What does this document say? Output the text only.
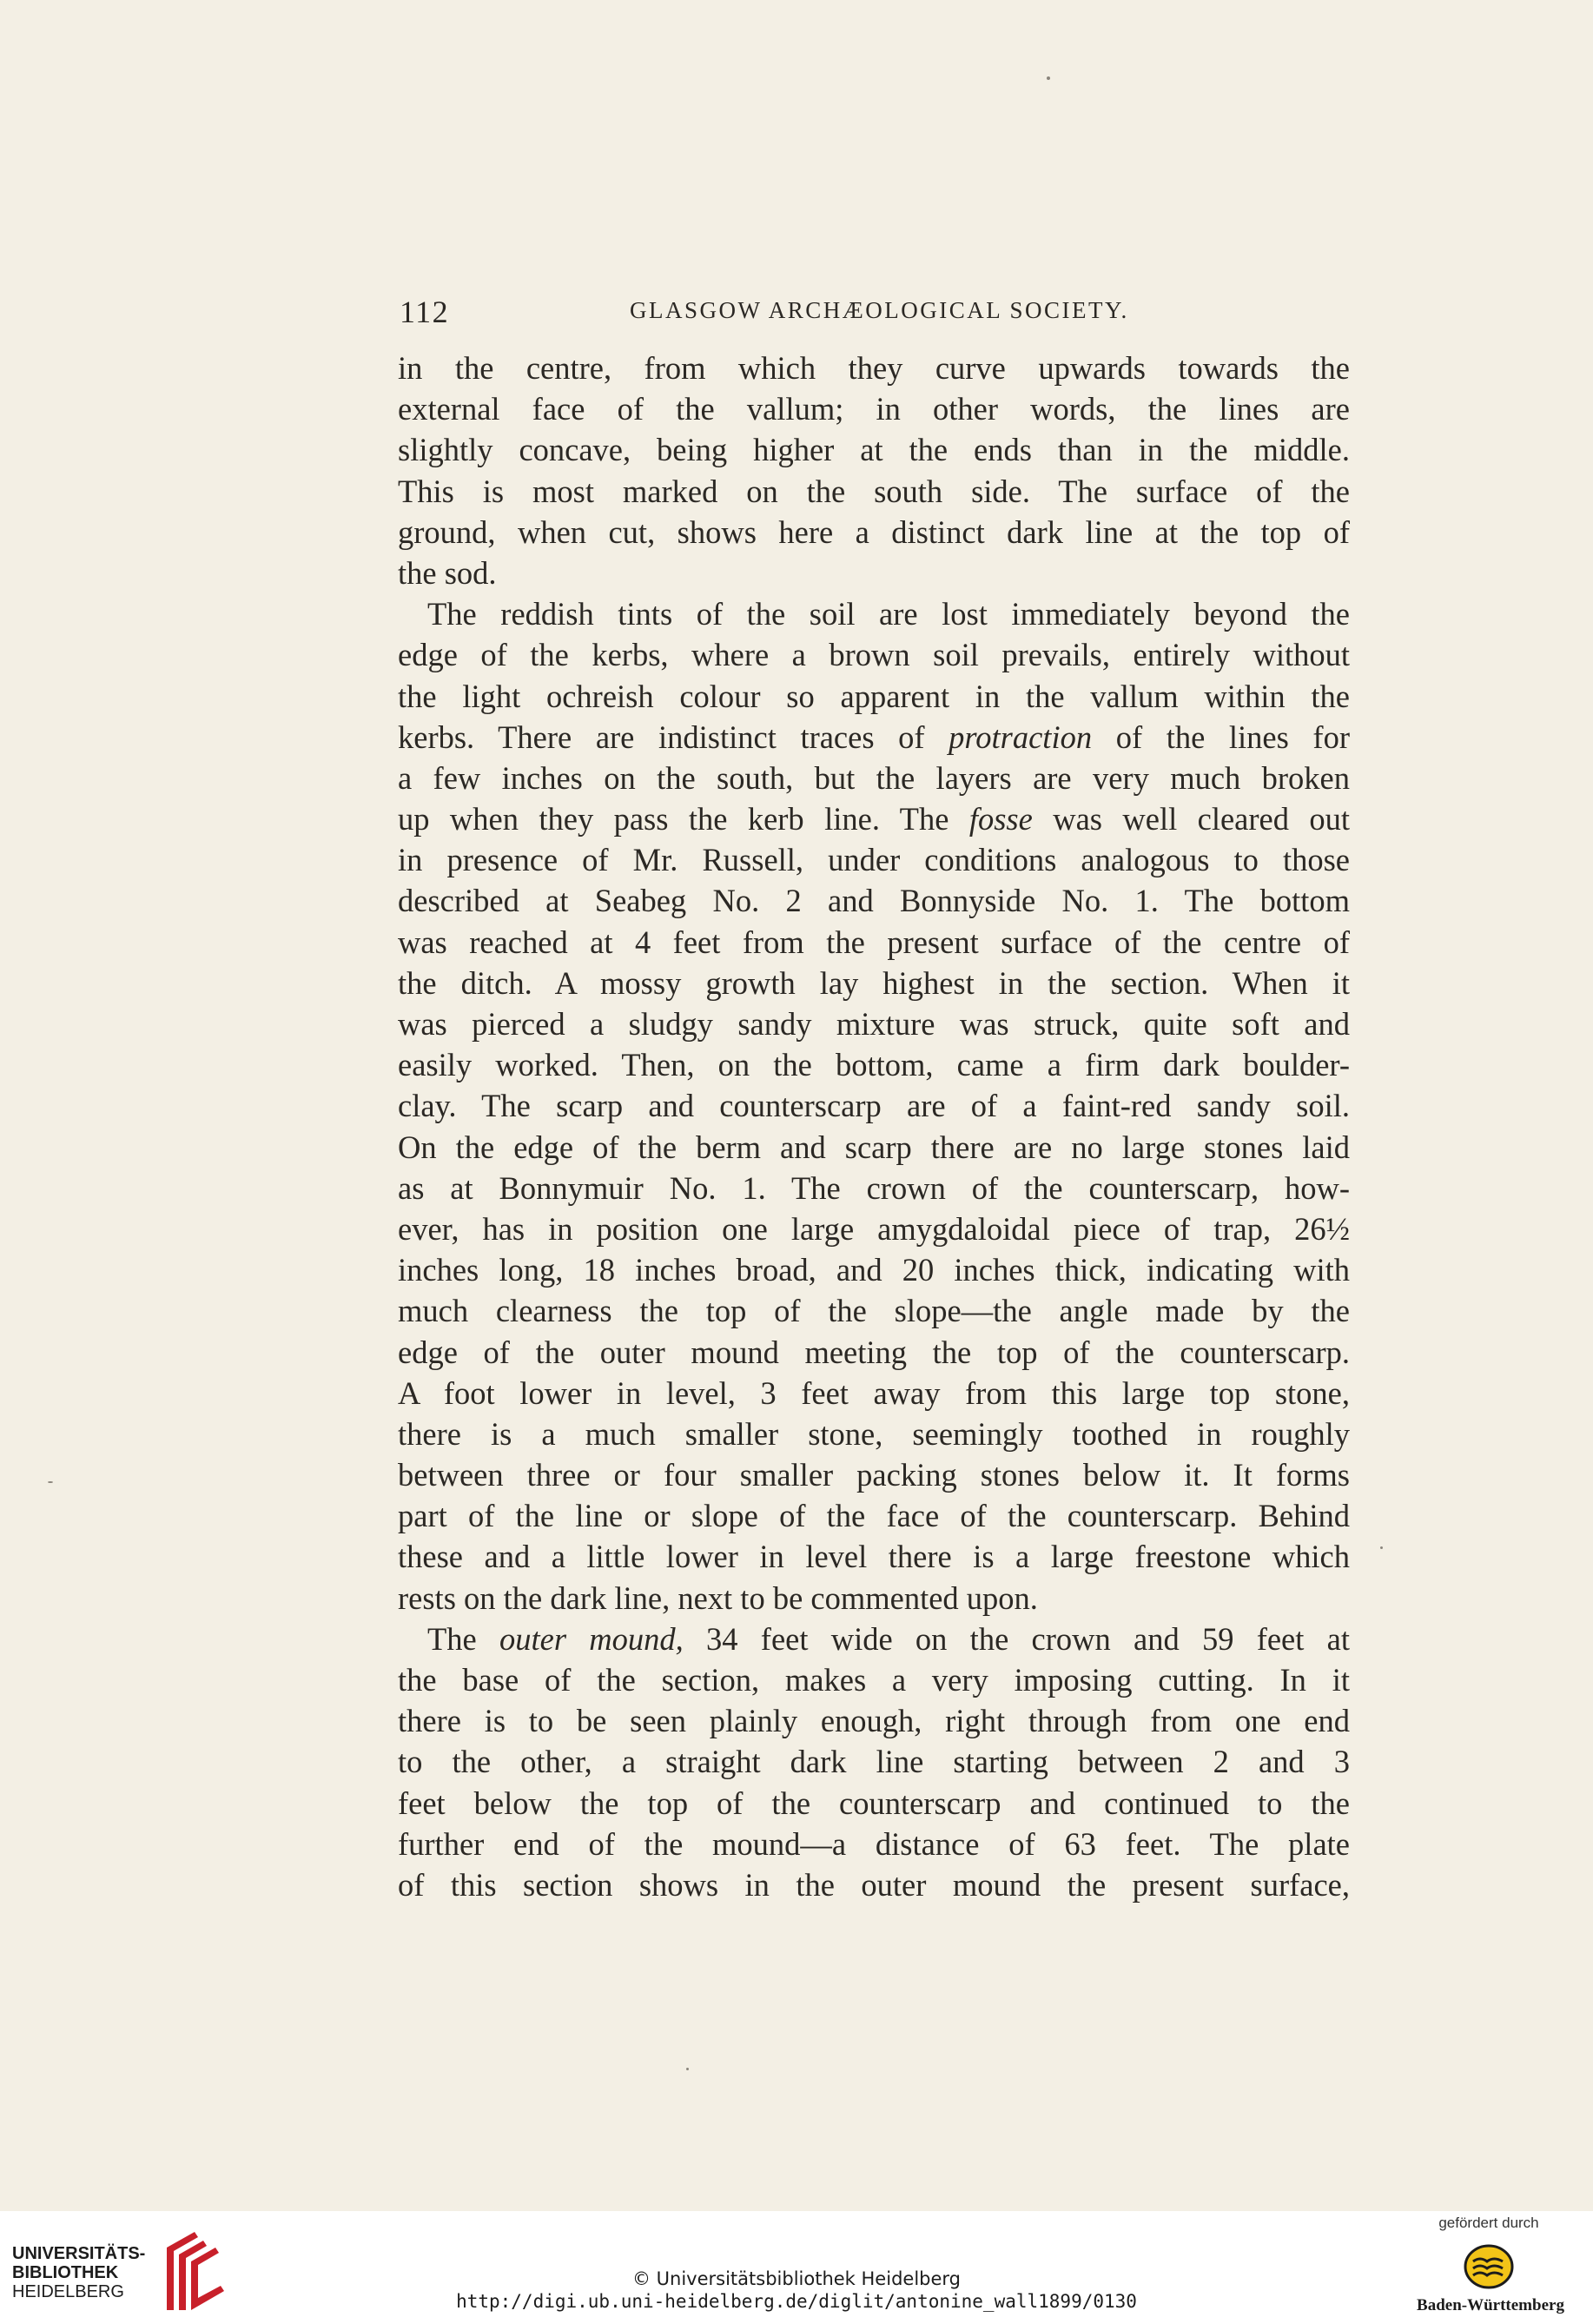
112	GLASGOW ARCHÆOLOGICAL SOCIETY.
in the centre, from which they curve upwards towards the
external face of the vallum; in other words, the lines are
slightly concave, being higher at the ends than in the middle.
This is most marked on the south side. The surface of the
ground, when cut, shows here a distinct dark line at the top of
the sod.
The reddish tints of the soil are lost immediately beyond the
edge of the kerbs, where a brown soil prevails, entirely without
the light ochreish colour so apparent in the vallum within the
kerbs. There are indistinct traces of protraction of the lines for
a few inches on the south, but the layers are very much broken
up when they pass the kerb line. The fosse was well cleared out
in presence of Mr. Russell, under conditions analogous to those
described at Seabeg No. 2 and Bonnyside No. 1. The bottom
was reached at 4 feet from the present surface of the centre of
the ditch. A mossy growth lay highest in the section. When it
was pierced a sludgy sandy mixture was struck, quite soft and
easily worked. Then, on the bottom, came a firm dark boulder-
clay. The scarp and counterscarp are of a faint-red sandy soil.
On the edge of the berm and scarp there are no large stones laid
as at Bonnymuir No. 1. The crown of the counterscarp, how-
ever, has in position one large amygdaloidal piece of trap, 26½
inches long, 18 inches broad, and 20 inches thick, indicating with
much clearness the top of the slope—the angle made by the
edge of the outer mound meeting the top of the counterscarp.
A foot lower in level, 3 feet away from this large top stone,
there is a much smaller stone, seemingly toothed in roughly
between three or four smaller packing stones below it. It forms
part of the line or slope of the face of the counterscarp. Behind
these and a little lower in level there is a large freestone which
rests on the dark line, next to be commented upon.
The outer mound, 34 feet wide on the crown and 59 feet at
the base of the section, makes a very imposing cutting. In it
there is to be seen plainly enough, right through from one end
to the other, a straight dark line starting between 2 and 3
feet below the top of the counterscarp and continued to the
further end of the mound—a distance of 63 feet. The plate
of this section shows in the outer mound the present surface,
UNIVERSITÄTS-
BIBLIOTHEK
HEIDELBERG
© Universitätsbibliothek Heidelberg
http://digi.ub.uni-heidelberg.de/diglit/antonine_wall1899/0130
gefördert durch
Baden-Württemberg
